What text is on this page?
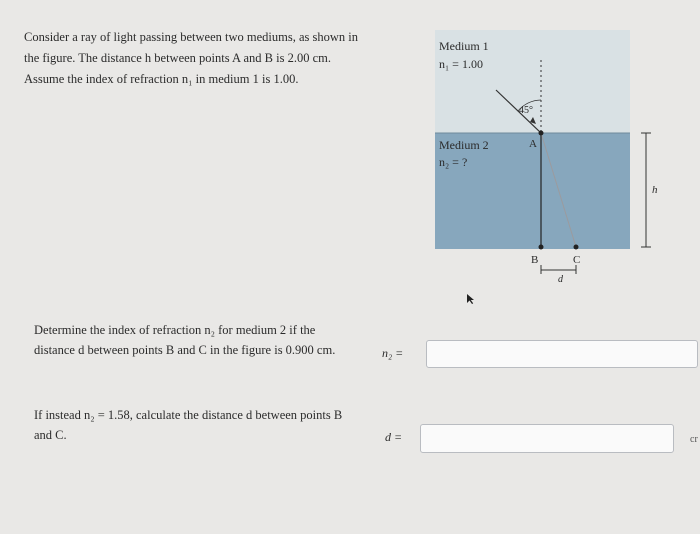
Consider a ray of light passing between two mediums, as shown in the figure. The distance h between points A and B is 2.00 cm. Assume the index of refraction n₁ in medium 1 is 1.00.
45°
A
B	C
d
h
Medium 1
n₁ = 1.00
Medium 2
n₂ = ?
Determine the index of refraction n₂ for medium 2 if the distance d between points B and C in the figure is 0.900 cm.	n₂ =
If instead n₂ = 1.58, calculate the distance d between points B and C.	d =	cr
